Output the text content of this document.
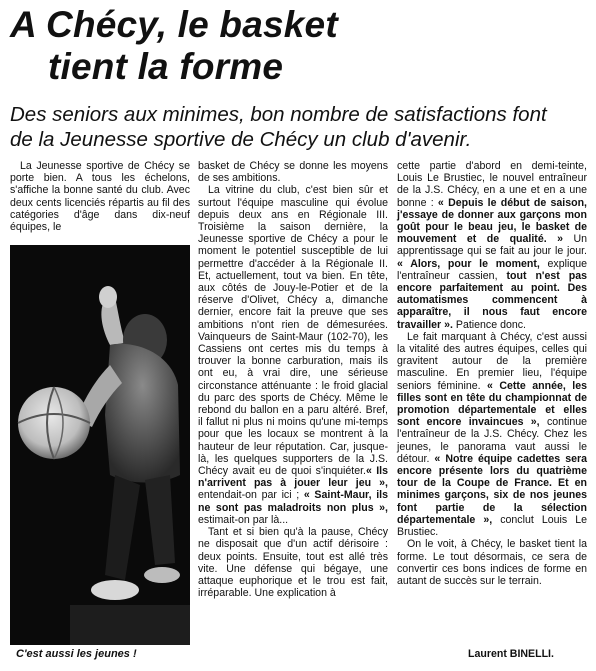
A Chécy, le basket
tient la forme
Des seniors aux minimes, bon nombre de satisfactions font
de la Jeunesse sportive de Chécy un club d'avenir.

La Jeunesse sportive de Chécy se porte bien. A tous les échelons, s'affiche la bonne santé du club. Avec deux cents licenciés répartis au fil des catégories d'âge dans dix-neuf équipes, le

C'est aussi les jeunes !

basket de Chécy se donne les moyens de ses ambitions.

La vitrine du club, c'est bien sûr et surtout l'équipe masculine qui évolue depuis deux ans en Régionale III. Troisième la saison dernière, la Jeunesse sportive de Chécy a pour le moment le potentiel susceptible de lui permettre d'accéder à la Régionale II. Et, actuellement, tout va bien. En tête, aux côtés de Jouy-le-Potier et de la réserve d'Olivet, Chécy a, dimanche dernier, encore fait la preuve que ses ambitions n'ont rien de démesurées. Vainqueurs de Saint-Maur (102-70), les Cassiens ont certes mis du temps à trouver la bonne carburation, mais ils ont eu, à vrai dire, une sérieuse circonstance atténuante : le froid glacial du parc des sports de Chécy. Même le rebond du ballon en a paru altéré. Bref, il fallut ni plus ni moins qu'une mi-temps pour que les locaux se montrent à la hauteur de leur réputation. Car, jusque-là, les quelques supporters de la J.S. Chécy avait eu de quoi s'inquiéter.« Ils n'arrivent pas à jouer leur jeu », entendait-on par ici ; « Saint-Maur, ils ne sont pas maladroits non plus », estimait-on par là...

Tant et si bien qu'à la pause, Chécy ne disposait que d'un actif dérisoire : deux points. Ensuite, tout est allé très vite. Une défense qui bégaye, une attaque euphorique et le trou est fait, irréparable. Une explication à

cette partie d'abord en demi-teinte, Louis Le Brustiec, le nouvel entraîneur de la J.S. Chécy, en a une et en a une bonne : « Depuis le début de saison, j'essaye de donner aux garçons mon goût pour le beau jeu, le basket de mouvement et de qualité. » Un apprentissage qui se fait au jour le jour. « Alors, pour le moment, explique l'entraîneur cassien, tout n'est pas encore parfaitement au point. Des automatismes commencent à apparaître, il nous faut encore travailler ». Patience donc.

Le fait marquant à Chécy, c'est aussi la vitalité des autres équipes, celles qui gravitent autour de la première masculine. En premier lieu, l'équipe seniors féminine. « Cette année, les filles sont en tête du championnat de promotion départementale et elles sont encore invaincues », continue l'entraîneur de la J.S. Chécy. Chez les jeunes, le panorama vaut aussi le détour. « Notre équipe cadettes sera encore présente lors du quatrième tour de la Coupe de France. Et en minimes garçons, six de nos jeunes font partie de la sélection départementale », conclut Louis Le Brustiec.

On le voit, à Chécy, le basket tient la forme. Le tout désormais, ce sera de convertir ces bons indices de forme en autant de succès sur le terrain.

Laurent BINELLI.
